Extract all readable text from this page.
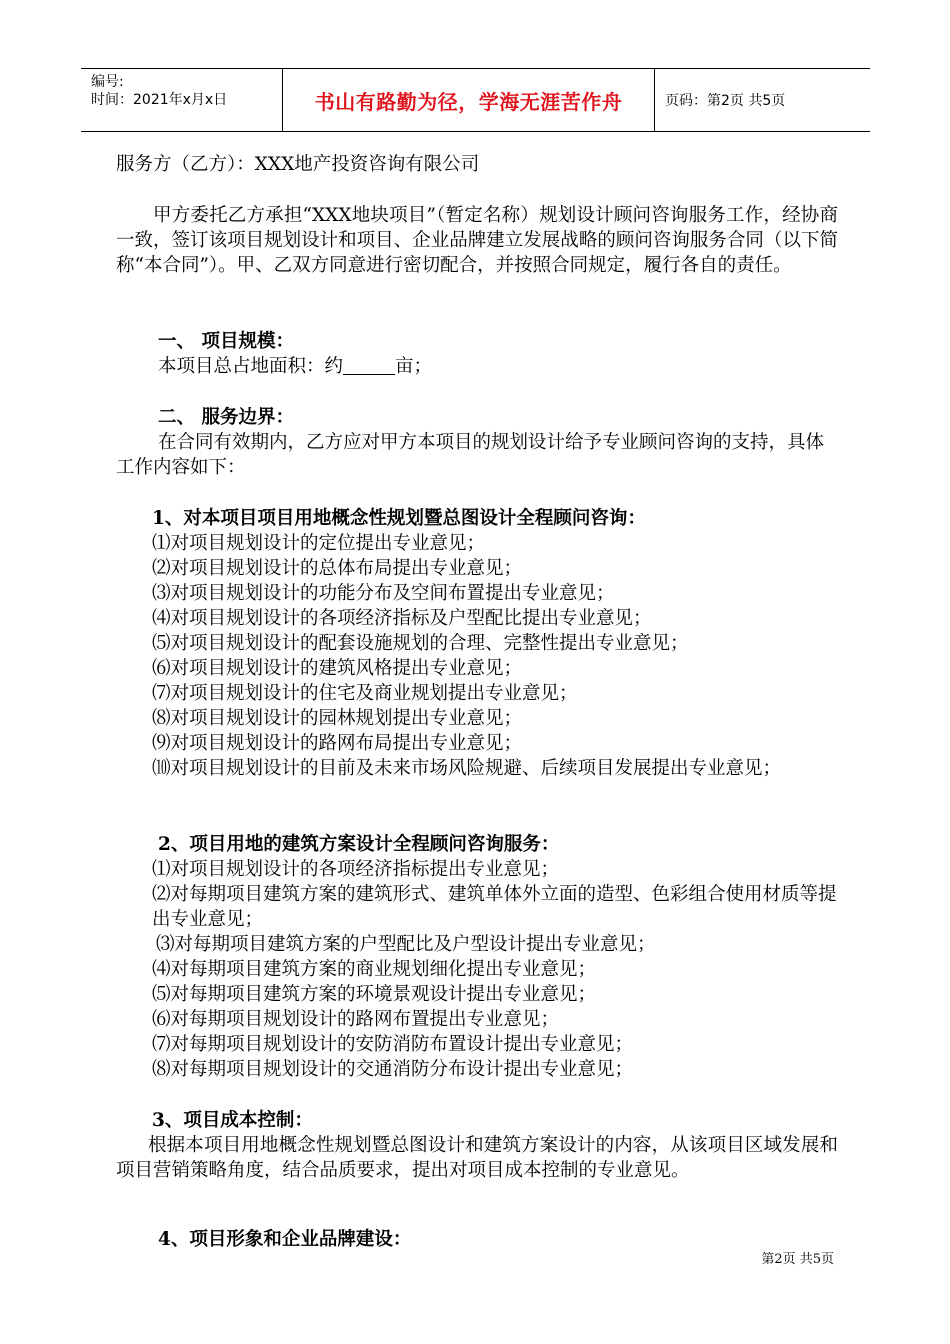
编号:
时间：2021年x月x日	书山有路勤为径，学海无涯苦作舟	页码：第2页 共5页
服务方（乙方）：XXX地产投资咨询有限公司
甲方委托乙方承担“XXX地块项目”（暂定名称）规划设计顾问咨询服务工作，经协商一致，签订该项目规划设计和项目、企业品牌建立发展战略的顾问咨询服务合同（以下简称“本合同”）。甲、乙双方同意进行密切配合，并按照合同规定，履行各自的责任。
一、 项目规模：
本项目总占地面积：约	亩；
二、 服务边界：
在合同有效期内，乙方应对甲方本项目的规划设计给予专业顾问咨询的支持，具体工作内容如下：
1、对本项目项目用地概念性规划暨总图设计全程顾问咨询：
⑴对项目规划设计的定位提出专业意见；
⑵对项目规划设计的总体布局提出专业意见；
⑶对项目规划设计的功能分布及空间布置提出专业意见；
⑷对项目规划设计的各项经济指标及户型配比提出专业意见；
⑸对项目规划设计的配套设施规划的合理、完整性提出专业意见；
⑹对项目规划设计的建筑风格提出专业意见；
⑺对项目规划设计的住宅及商业规划提出专业意见；
⑻对项目规划设计的园林规划提出专业意见；
⑼对项目规划设计的路网布局提出专业意见；
⑽对项目规划设计的目前及未来市场风险规避、后续项目发展提出专业意见；
2、项目用地的建筑方案设计全程顾问咨询服务：
⑴对项目规划设计的各项经济指标提出专业意见；
⑵对每期项目建筑方案的建筑形式、建筑单体外立面的造型、色彩组合使用材质等提出专业意见；
⑶对每期项目建筑方案的户型配比及户型设计提出专业意见；
⑷对每期项目建筑方案的商业规划细化提出专业意见；
⑸对每期项目建筑方案的环境景观设计提出专业意见；
⑹对每期项目规划设计的路网布置提出专业意见；
⑺对每期项目规划设计的安防消防布置设计提出专业意见；
⑻对每期项目规划设计的交通消防分布设计提出专业意见；
3、项目成本控制：
根据本项目用地概念性规划暨总图设计和建筑方案设计的内容，从该项目区域发展和项目营销策略角度，结合品质要求，提出对项目成本控制的专业意见。
4、项目形象和企业品牌建设：
第2页 共5页
